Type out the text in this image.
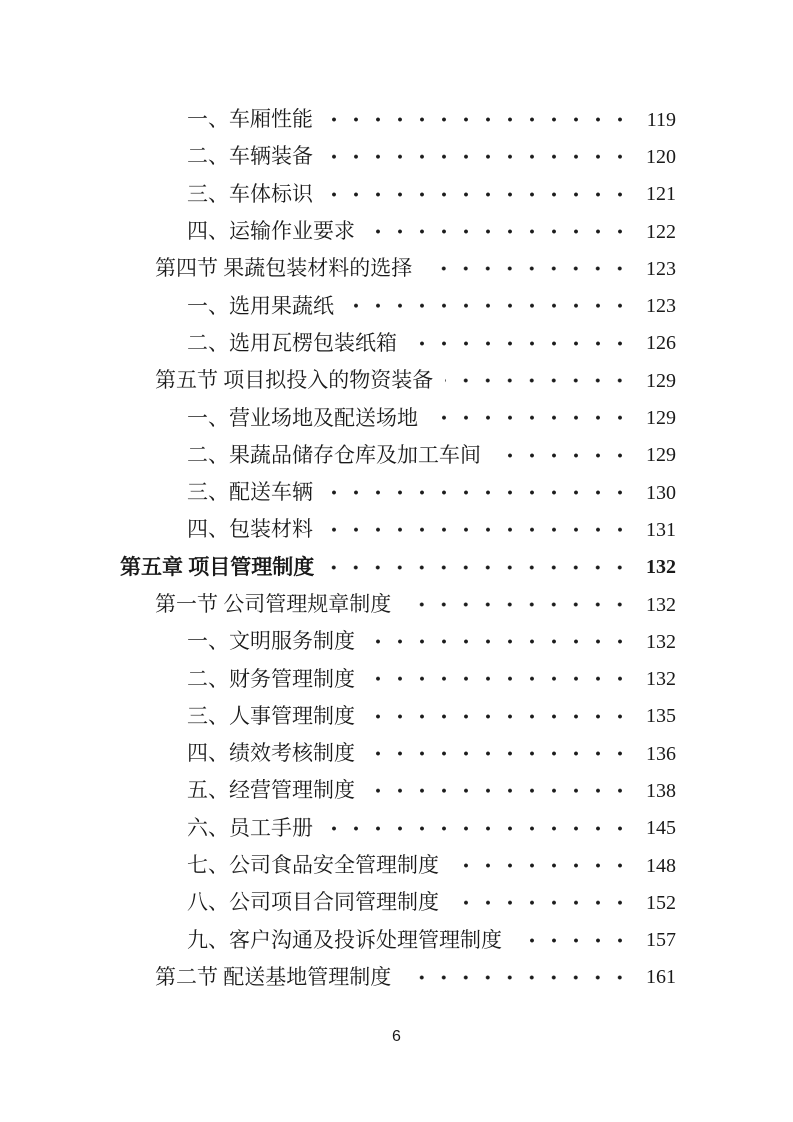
一、车厢性能	119
二、车辆装备	120
三、车体标识	121
四、运输作业要求	122
第四节 果蔬包装材料的选择	123
一、选用果蔬纸	123
二、选用瓦楞包装纸箱	126
第五节 项目拟投入的物资装备	129
一、营业场地及配送场地	129
二、果蔬品储存仓库及加工车间	129
三、配送车辆	130
四、包装材料	131
第五章 项目管理制度	132
第一节 公司管理规章制度	132
一、文明服务制度	132
二、财务管理制度	132
三、人事管理制度	135
四、绩效考核制度	136
五、经营管理制度	138
六、员工手册	145
七、公司食品安全管理制度	148
八、公司项目合同管理制度	152
九、客户沟通及投诉处理管理制度	157
第二节 配送基地管理制度	161
6
